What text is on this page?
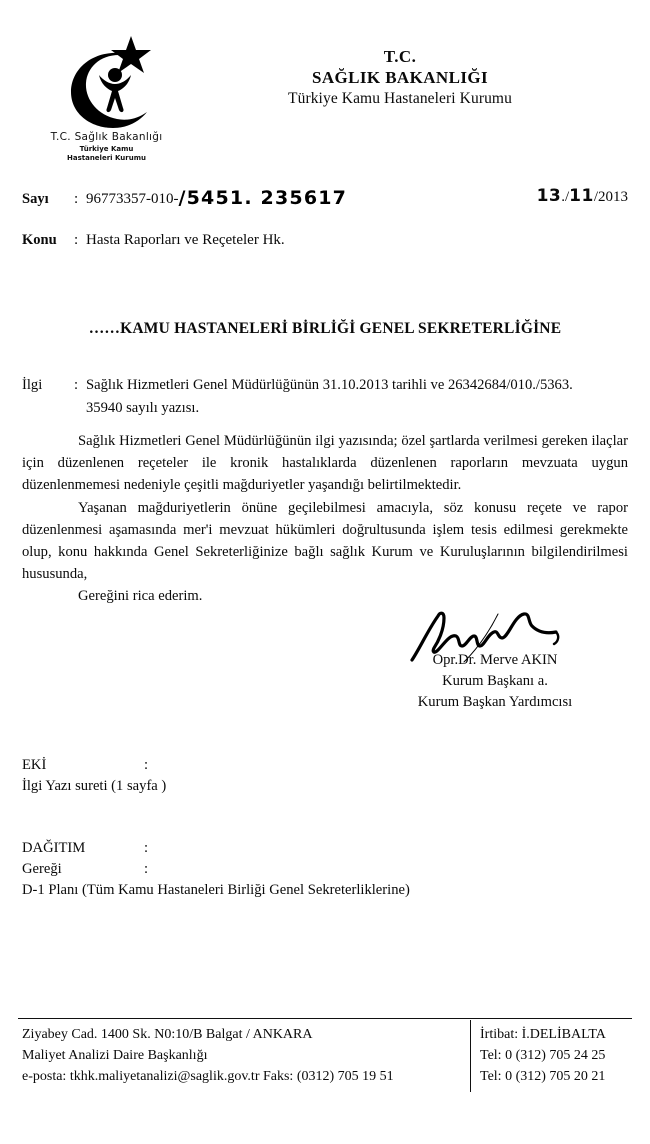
T.C. Sağlık Bakanlığı
Türkiye Kamu
Hastaneleri Kurumu
T.C.
SAĞLIK BAKANLIĞI
Türkiye Kamu Hastaneleri Kurumu
Sayı : 96773357-010-/5451. 235617	13./11/2013
Konu : Hasta Raporları ve Reçeteler Hk.
……KAMU HASTANELERİ BİRLİĞİ GENEL SEKRETERLİĞİNE
İlgi : Sağlık Hizmetleri Genel Müdürlüğünün 31.10.2013 tarihli ve 26342684/010./5363.
35940 sayılı yazısı.

Sağlık Hizmetleri Genel Müdürlüğünün ilgi yazısında; özel şartlarda verilmesi gereken ilaçlar için düzenlenen reçeteler ile kronik hastalıklarda düzenlenen raporların mevzuata uygun düzenlenmemesi nedeniyle çeşitli mağduriyetler yaşandığı belirtilmektedir.

Yaşanan mağduriyetlerin önüne geçilebilmesi amacıyla, söz konusu reçete ve rapor düzenlenmesi aşamasında mer'i mevzuat hükümleri doğrultusunda işlem tesis edilmesi gerekmekte olup, konu hakkında Genel Sekreterliğinize bağlı sağlık Kurum ve Kuruluşlarının bilgilendirilmesi hususunda,

Gereğini rica ederim.

Opr.Dr. Merve AKIN
Kurum Başkanı a.
Kurum Başkan Yardımcısı
EKİ	:
İlgi Yazı sureti (1 sayfa )
DAĞITIM	:
Gereği	:
D-1 Planı (Tüm Kamu Hastaneleri Birliği Genel Sekreterliklerine)
Ziyabey Cad. 1400 Sk. N0:10/B Balgat / ANKARA
Maliyet Analizi Daire Başkanlığı
e-posta: tkhk.maliyetanalizi@saglik.gov.tr Faks: (0312) 705 19 51
İrtibat: İ.DELİBALTA
Tel: 0 (312) 705 24 25
Tel: 0 (312) 705 20 21
